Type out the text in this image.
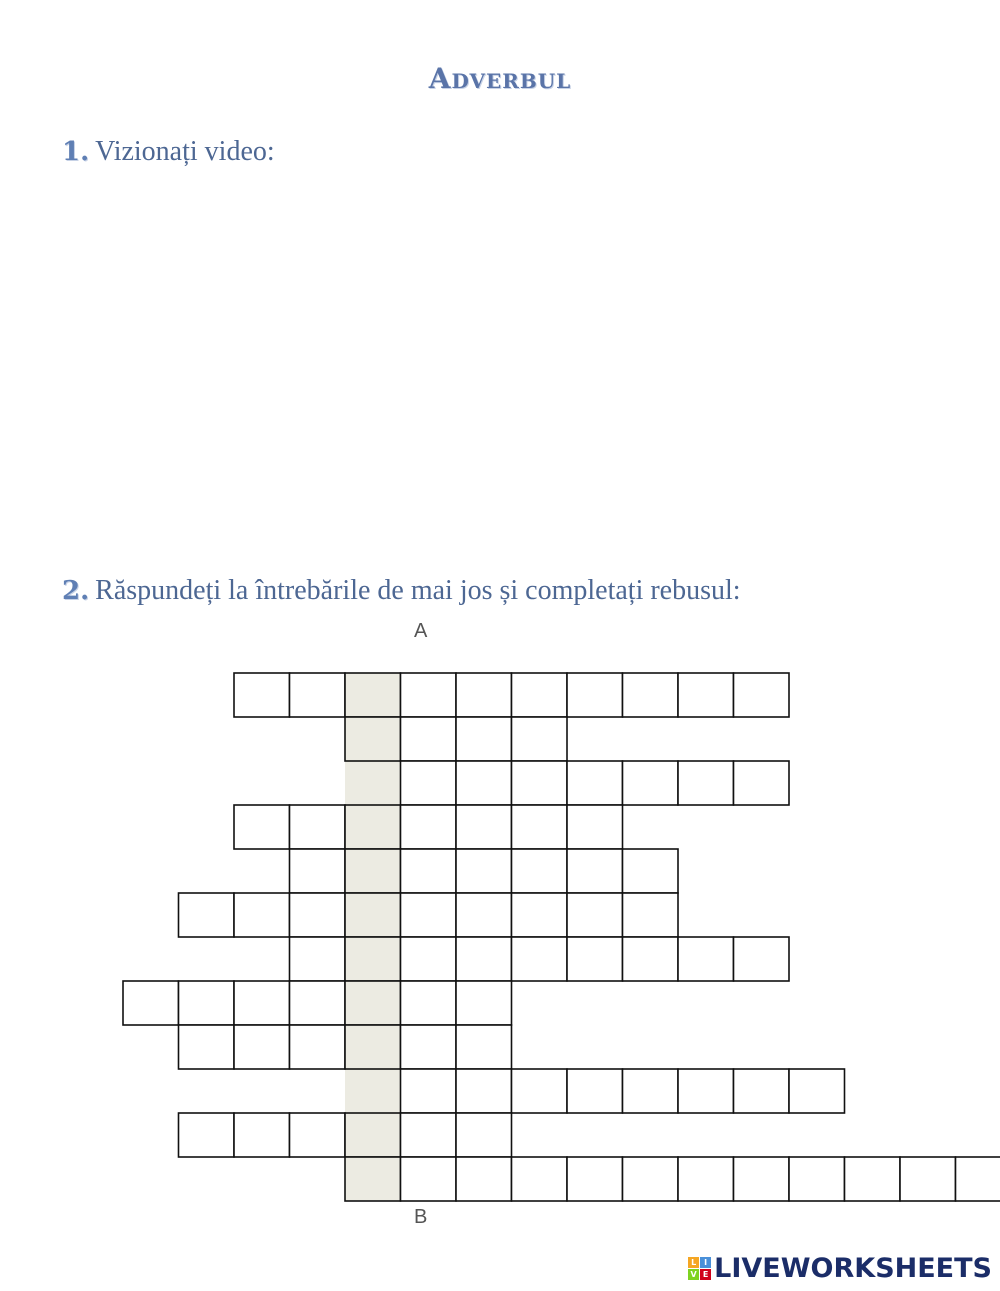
Adverbul
1. Vizionați video:
2. Răspundeți la întrebările de mai jos și completați rebusul:
A
B
L I
V E LIVEWORKSHEETS
